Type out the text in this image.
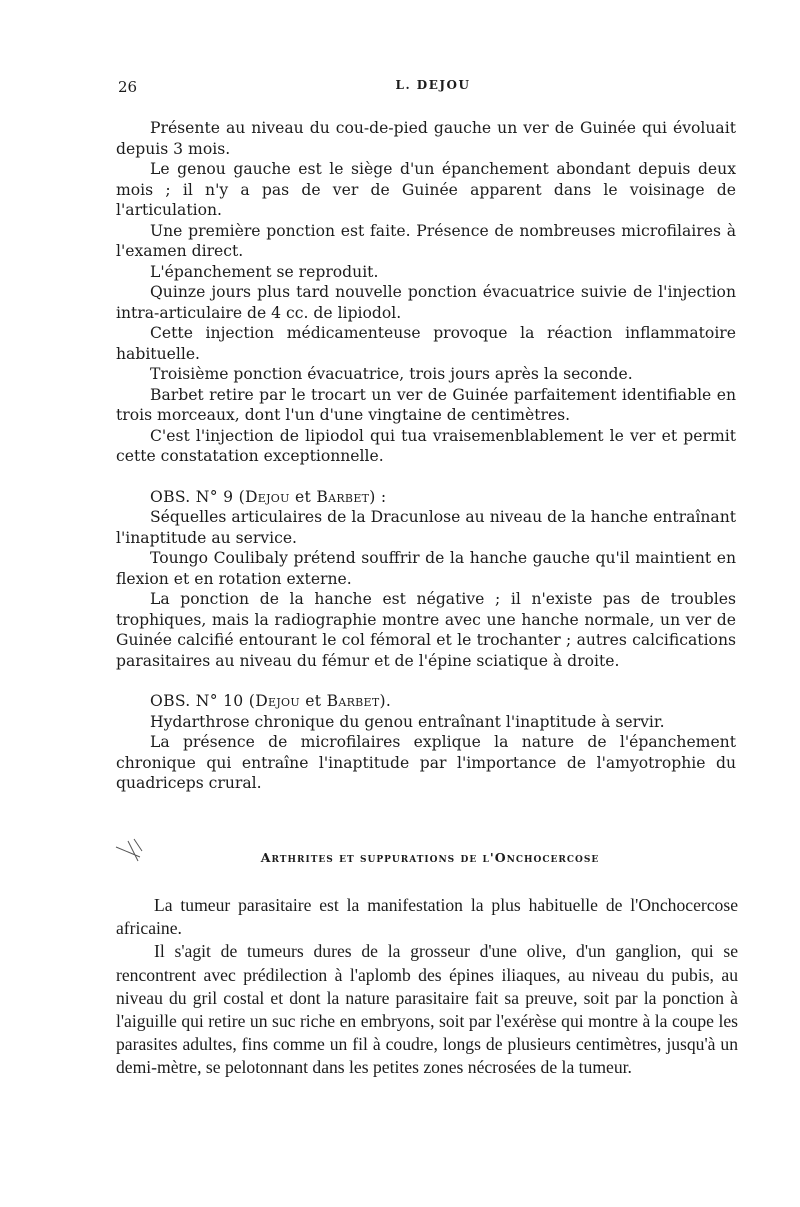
26	L. DEJOU

Présente au niveau du cou-de-pied gauche un ver de Guinée qui évoluait depuis 3 mois.

Le genou gauche est le siège d'un épanchement abondant depuis deux mois ; il n'y a pas de ver de Guinée apparent dans le voisinage de l'articulation.

Une première ponction est faite. Présence de nombreuses microfilaires à l'examen direct.

L'épanchement se reproduit.

Quinze jours plus tard nouvelle ponction évacuatrice suivie de l'injection intra-articulaire de 4 cc. de lipiodol.

Cette injection médicamenteuse provoque la réaction inflammatoire habituelle.

Troisième ponction évacuatrice, trois jours après la seconde.

Barbet retire par le trocart un ver de Guinée parfaitement identifiable en trois morceaux, dont l'un d'une vingtaine de centimètres.

C'est l'injection de lipiodol qui tua vraisemenblablement le ver et permit cette constatation exceptionnelle.

OBS. N° 9 (Dejou et Barbet) :

Séquelles articulaires de la Dracunlose au niveau de la hanche entraînant l'inaptitude au service.

Toungo Coulibaly prétend souffrir de la hanche gauche qu'il maintient en flexion et en rotation externe.

La ponction de la hanche est négative ; il n'existe pas de troubles trophiques, mais la radiographie montre avec une hanche normale, un ver de Guinée calcifié entourant le col fémoral et le trochanter ; autres calcifications parasitaires au niveau du fémur et de l'épine sciatique à droite.

OBS. N° 10 (Dejou et Barbet).

Hydarthrose chronique du genou entraînant l'inaptitude à servir.

La présence de microfilaires explique la nature de l'épanchement chronique qui entraîne l'inaptitude par l'importance de l'amyotrophie du quadriceps crural.

Arthrites et suppurations de l'Onchocercose

La tumeur parasitaire est la manifestation la plus habituelle de l'Onchocercose africaine.

Il s'agit de tumeurs dures de la grosseur d'une olive, d'un ganglion, qui se rencontrent avec prédilection à l'aplomb des épines iliaques, au niveau du pubis, au niveau du gril costal et dont la nature parasitaire fait sa preuve, soit par la ponction à l'aiguille qui retire un suc riche en embryons, soit par l'exérèse qui montre à la coupe les parasites adultes, fins comme un fil à coudre, longs de plusieurs centimètres, jusqu'à un demi-mètre, se pelotonnant dans les petites zones nécrosées de la tumeur.
